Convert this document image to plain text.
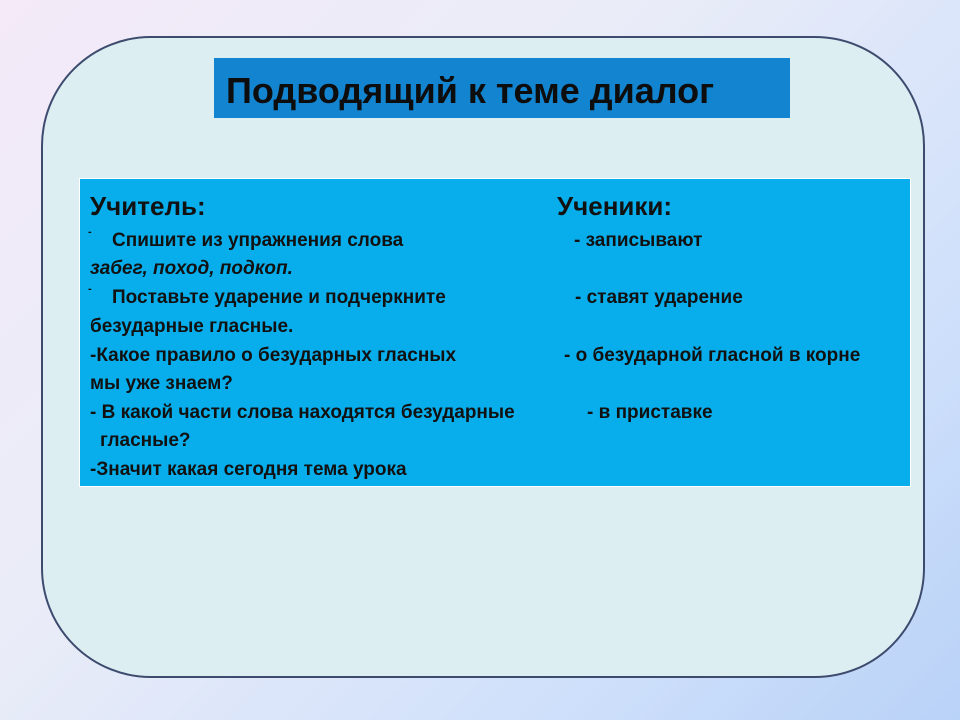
Подводящий к теме диалог
Учитель:	Ученики:
- Спишите из упражнения слова	- записывают
забег, поход, подкоп.
- Поставьте ударение и подчеркните	- ставят ударение
безударные гласные.
-Какое правило о безударных гласных	- о безударной гласной в корне
мы уже знаем?
- В какой части слова находятся безударные	- в приставке
гласные?
-Значит какая сегодня тема урока
